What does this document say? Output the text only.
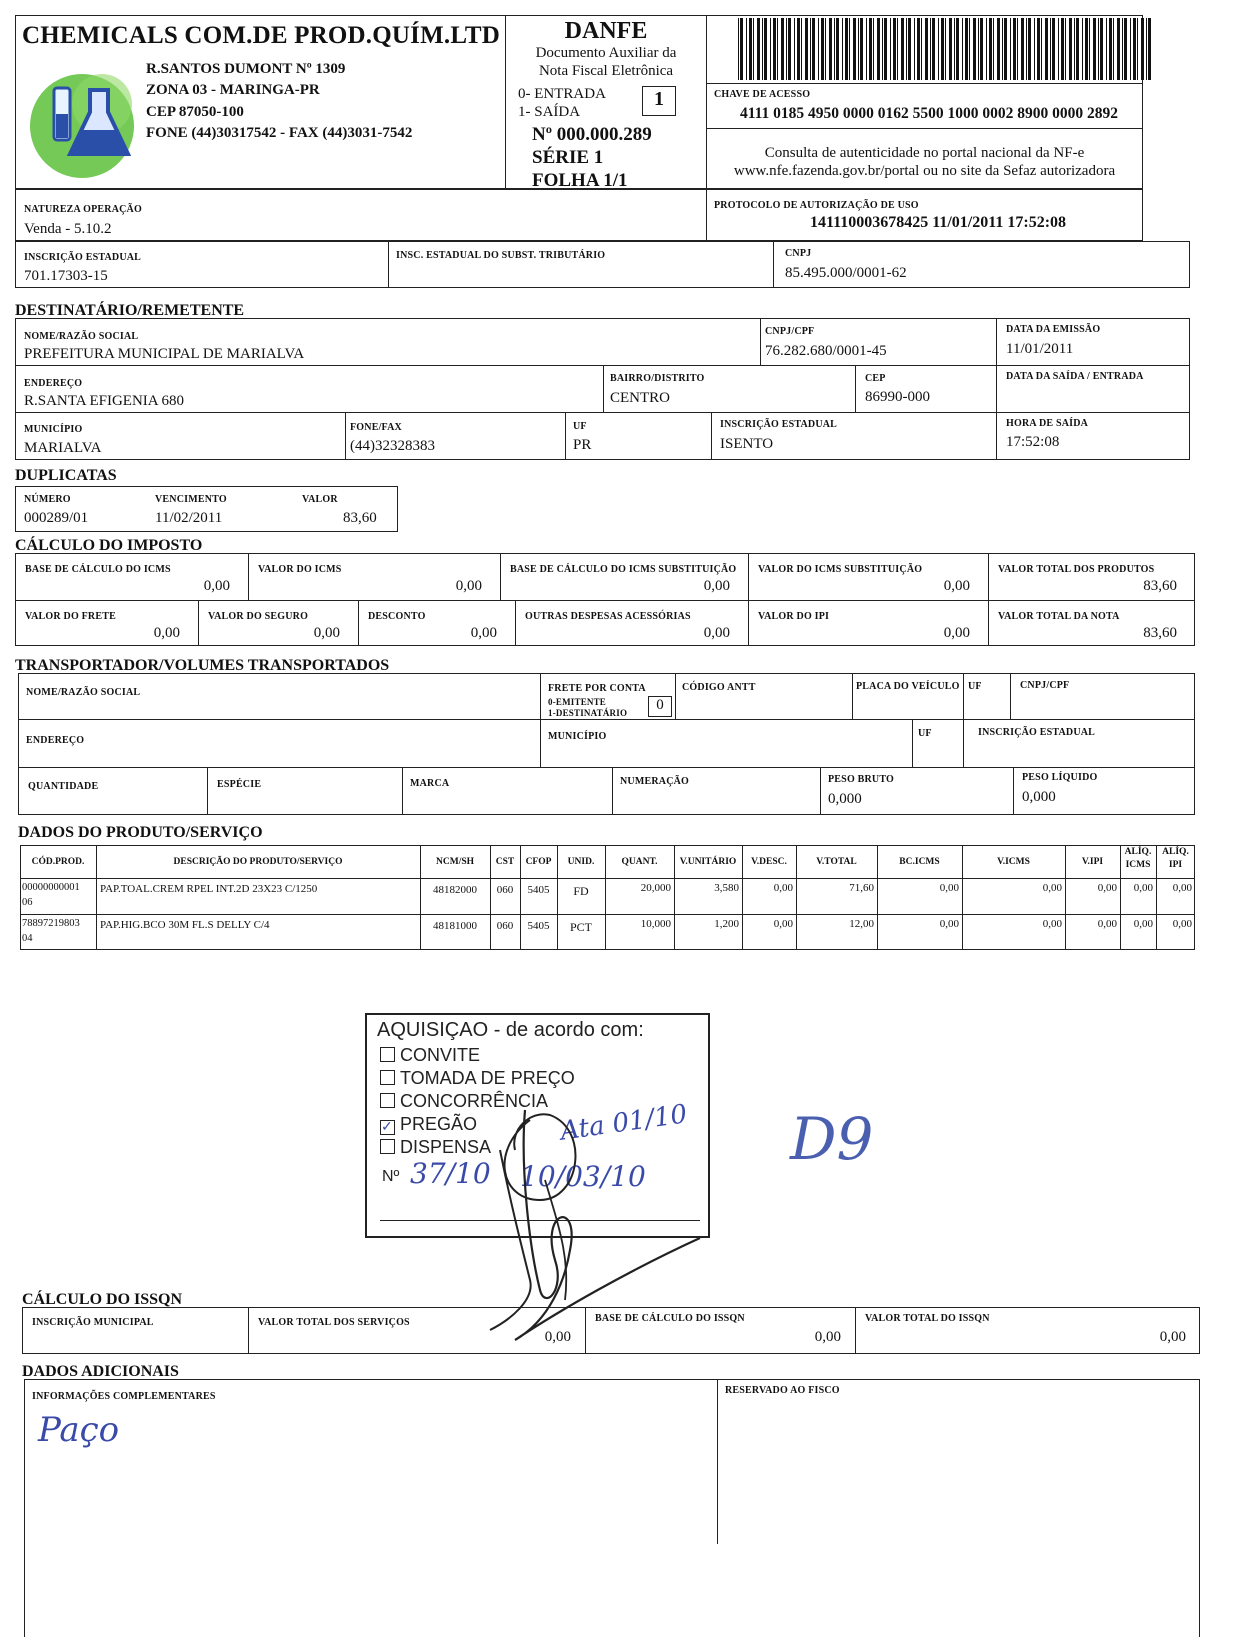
CHEMICALS COM.DE PROD.QUÍM.LTD
R.SANTOS DUMONT Nº 1309
ZONA 03 - MARINGA-PR
CEP 87050-100
FONE (44)30317542 - FAX (44)3031-7542
DANFE
Documento Auxiliar da
Nota Fiscal Eletrônica
0- ENTRADA
1- SAÍDA
1
Nº 000.000.289
SÉRIE 1
FOLHA 1/1
CHAVE DE ACESSO
4111 0185 4950 0000 0162 5500 1000 0002 8900 0000 2892
Consulta de autenticidade no portal nacional da NF-e
www.nfe.fazenda.gov.br/portal ou no site da Sefaz autorizadora
NATUREZA OPERAÇÃO
Venda - 5.10.2
PROTOCOLO DE AUTORIZAÇÃO DE USO
141110003678425 11/01/2011 17:52:08
INSCRIÇÃO ESTADUAL
701.17303-15
INSC. ESTADUAL DO SUBST. TRIBUTÁRIO	CNPJ
85.495.000/0001-62
DESTINATÁRIO/REMETENTE
NOME/RAZÃO SOCIAL
PREFEITURA MUNICIPAL DE MARIALVA
CNPJ/CPF
76.282.680/0001-45
DATA DA EMISSÃO
11/01/2011
ENDEREÇO
R.SANTA EFIGENIA 680
BAIRRO/DISTRITO
CENTRO
CEP
86990-000
DATA DA SAÍDA / ENTRADA
MUNICÍPIO
MARIALVA
FONE/FAX
(44)32328383
UF
PR
INSCRIÇÃO ESTADUAL
ISENTO
HORA DE SAÍDA
17:52:08
DUPLICATAS
NÚMERO
000289/01
VENCIMENTO
11/02/2011
VALOR
83,60
CÁLCULO DO IMPOSTO
TRANSPORTADOR/VOLUMES TRANSPORTADOS
NOME/RAZÃO SOCIAL	FRETE POR CONTA
0-EMITENTE
1-DESTINATÁRIO	0
CÓDIGO ANTT	PLACA DO VEÍCULO UF	CNPJ/CPF
ENDEREÇO	MUNICÍPIO	UF	INSCRIÇÃO ESTADUAL
QUANTIDADE	ESPÉCIE	MARCA	NUMERAÇÃO	PESO BRUTO
0,000
PESO LÍQUIDO
0,000
DADOS DO PRODUTO/SERVIÇO
AQUISIÇAO - de acordo com:
Nº 37/10 10/03/10
Ata 01/10 D9
CÁLCULO DO ISSQN
DADOS ADICIONAIS
INFORMAÇÕES COMPLEMENTARES
Paço
RESERVADO AO FISCO
BASE DE CÁLCULO DO ICMS
0,00
VALOR DO ICMS
0,00
BASE DE CÁLCULO DO ICMS SUBSTITUIÇÃO
0,00
VALOR DO ICMS SUBSTITUIÇÃO
0,00
VALOR TOTAL DOS PRODUTOS
83,60
VALOR DO FRETE
0,00
VALOR DO SEGURO
0,00
DESCONTO
0,00
OUTRAS DESPESAS ACESSÓRIAS
0,00
VALOR DO IPI
0,00
VALOR TOTAL DA NOTA
83,60
CÓD.PROD.	DESCRIÇÃO DO PRODUTO/SERVIÇO	NCM/SH	CST	CFOP	UNID.	QUANT.	V.UNITÁRIO	V.DESC.	V.TOTAL	BC.ICMS	V.ICMS	V.IPI
ALÍQ.
ICMS
ALÍQ.
IPI
00000000001
06
PAP.TOAL.CREM RPEL INT.2D 23X23 C/1250	48182000	060	5405	FD	20,000	3,580	0,00	71,60	0,00	0,00	0,00	0,00	0,00
78897219803
04
PAP.HIG.BCO 30M FL.S DELLY C/4	48181000	060	5405	PCT	10,000	1,200	0,00	12,00	0,00	0,00	0,00	0,00	0,00
CONVITE
TOMADA DE PREÇO
CONCORRÊNCIA
✓ PREGÃO
DISPENSA
INSCRIÇÃO MUNICIPAL	VALOR TOTAL DOS SERVIÇOS
0,00
BASE DE CÁLCULO DO ISSQN
0,00
VALOR TOTAL DO ISSQN
0,00
